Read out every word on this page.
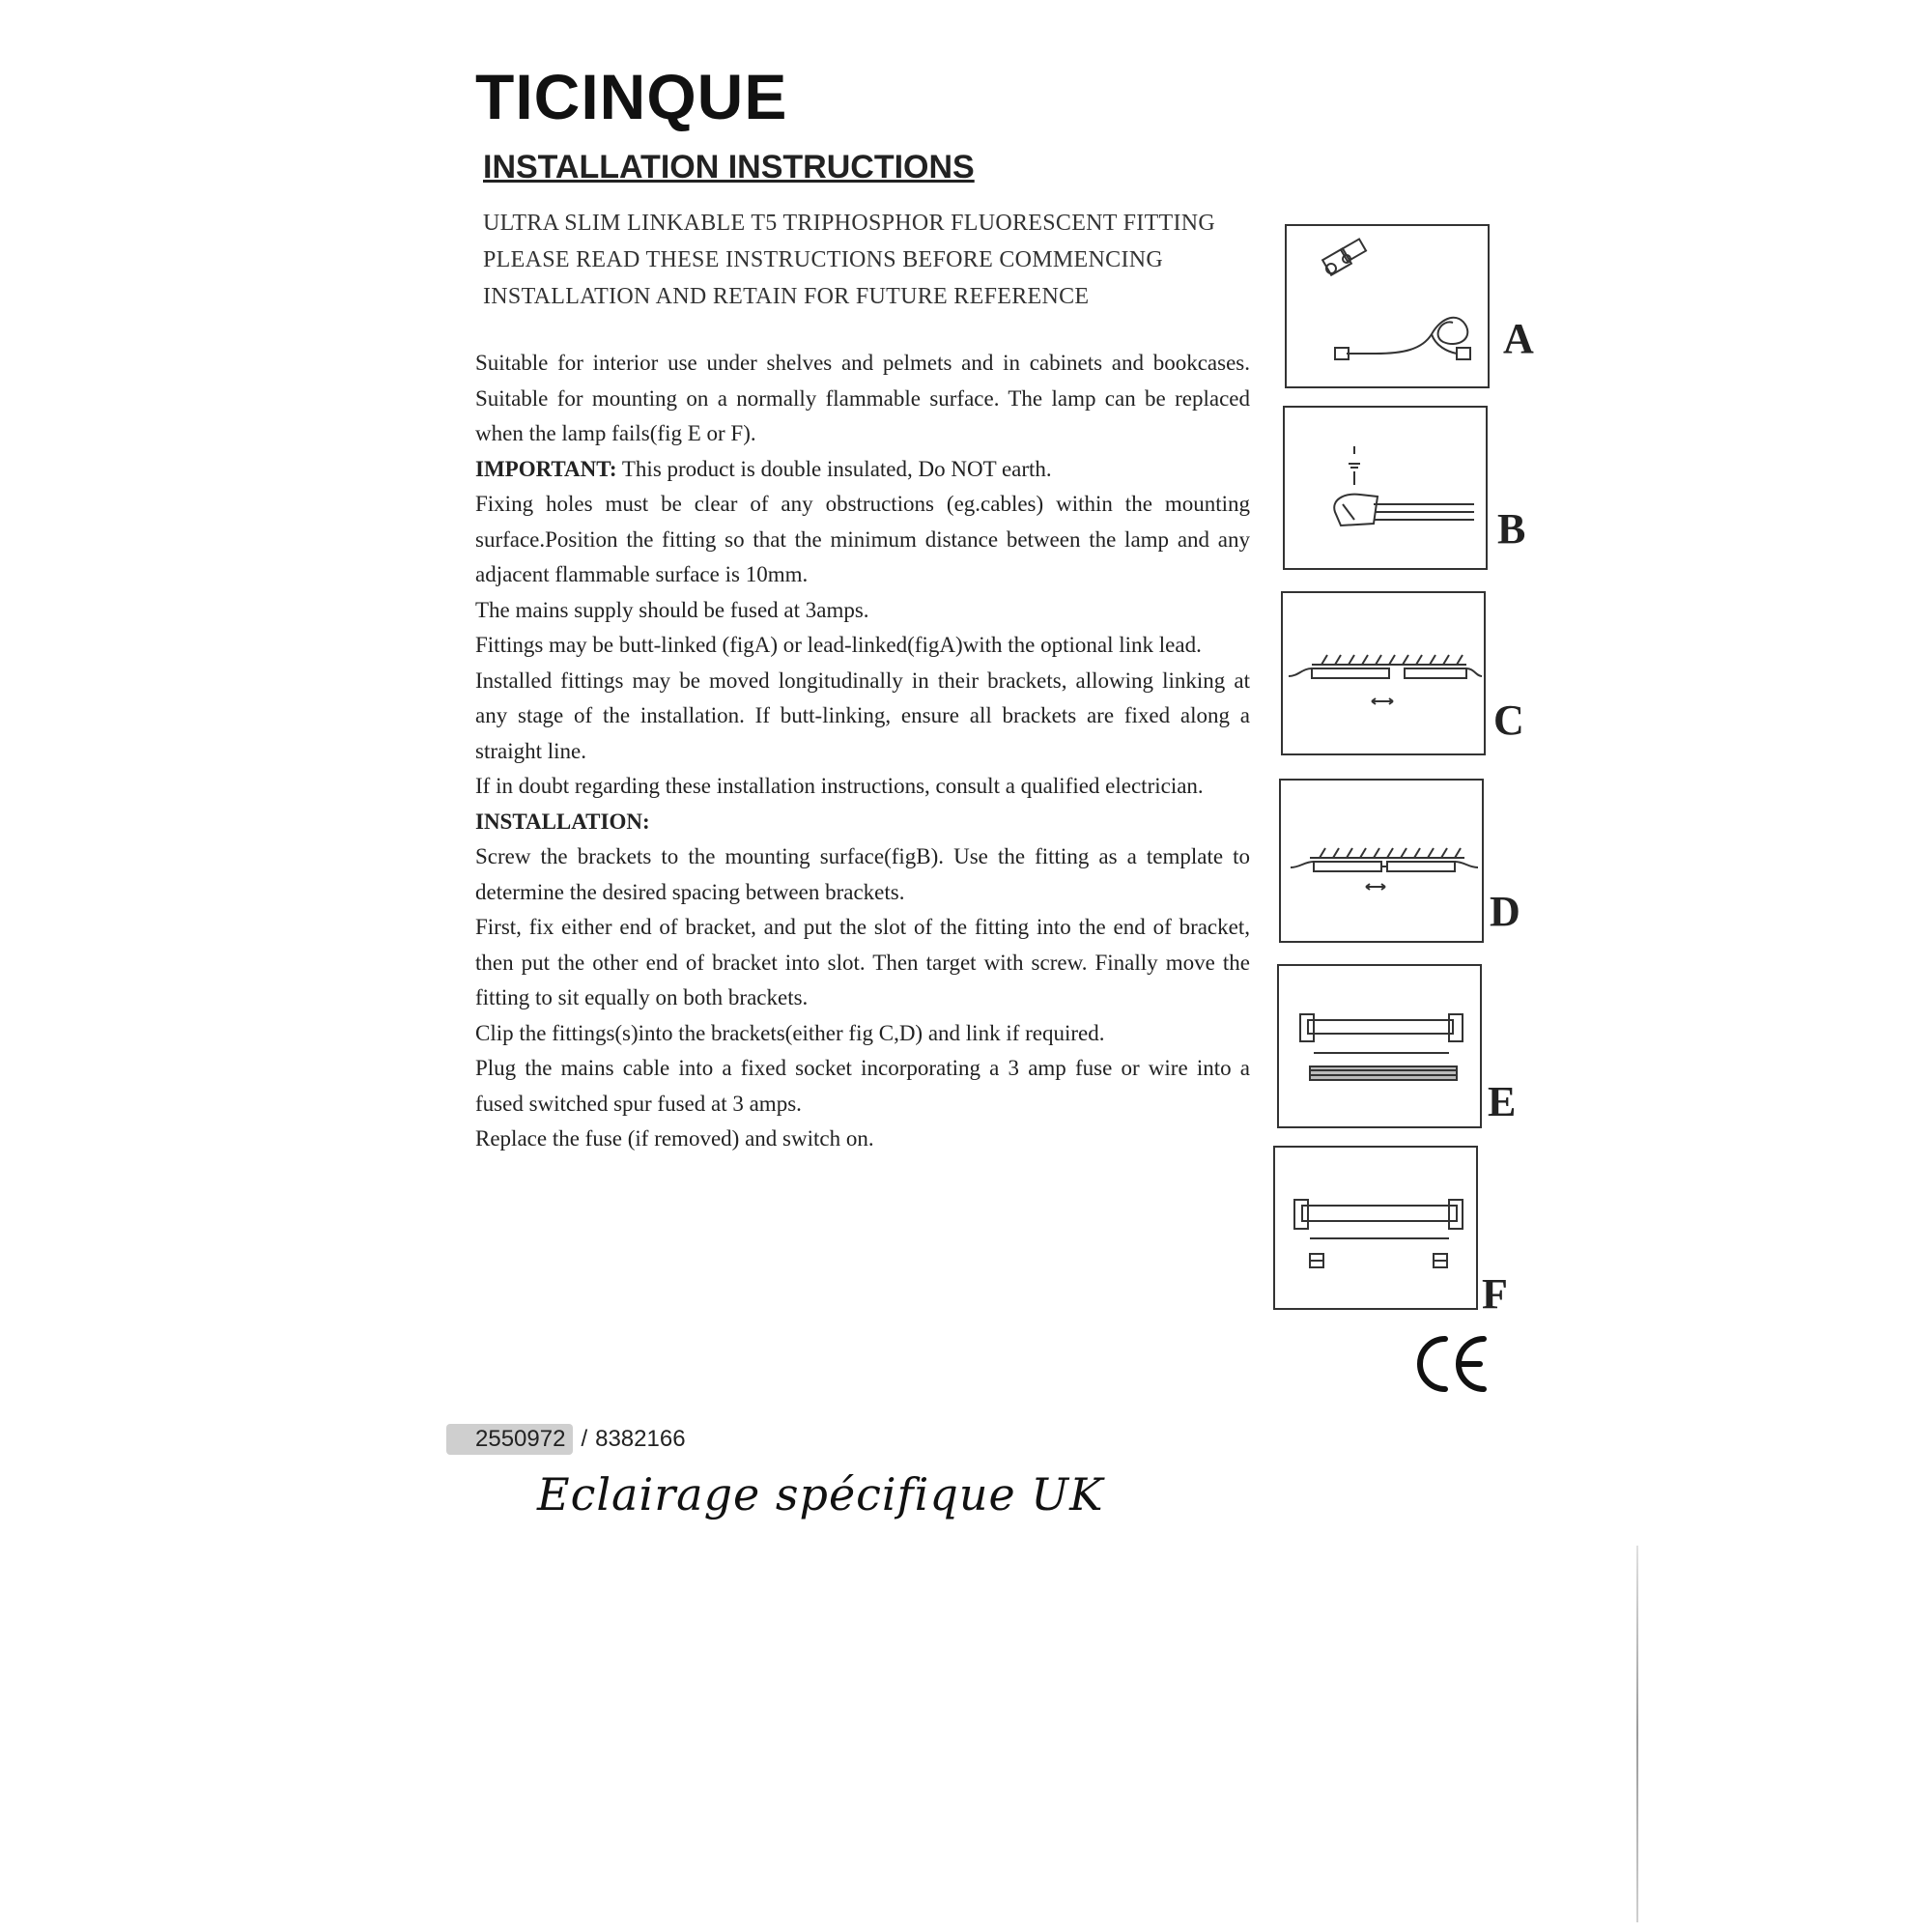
TICINQUE
INSTALLATION INSTRUCTIONS
ULTRA SLIM LINKABLE T5 TRIPHOSPHOR FLUORESCENT FITTING
PLEASE READ THESE INSTRUCTIONS BEFORE COMMENCING
INSTALLATION AND RETAIN FOR FUTURE REFERENCE

Suitable for interior use under shelves and pelmets and in cabinets and bookcases. Suitable for mounting on a normally flammable surface. The lamp can be replaced when the lamp fails(fig E or F).

IMPORTANT: This product is double insulated, Do NOT earth.

Fixing holes must be clear of any obstructions (eg.cables) within the mounting surface.Position the fitting so that the minimum distance between the lamp and any adjacent flammable surface is 10mm.

The mains supply should be fused at 3amps.

Fittings may be butt-linked (figA) or lead-linked(figA)with the optional link lead.

Installed fittings may be moved longitudinally in their brackets, allowing linking at any stage of the installation. If butt-linking, ensure all brackets are fixed along a straight line.

If in doubt regarding these installation instructions, consult a qualified electrician.

INSTALLATION:

Screw the brackets to the mounting surface(figB). Use the fitting as a template to determine the desired spacing between brackets.

First, fix either end of bracket, and put the slot of the fitting into the end of bracket, then put the other end of bracket into slot. Then target with screw. Finally move the fitting to sit equally on both brackets.

Clip the fittings(s)into the brackets(either fig C,D) and link if required.

Plug the mains cable into a fixed socket incorporating a 3 amp fuse or wire into a fused switched spur fused at 3 amps.

Replace the fuse (if removed) and switch on.

A
B
C
D
E
F
2550972 / 8382166
Eclairage spécifique UK
